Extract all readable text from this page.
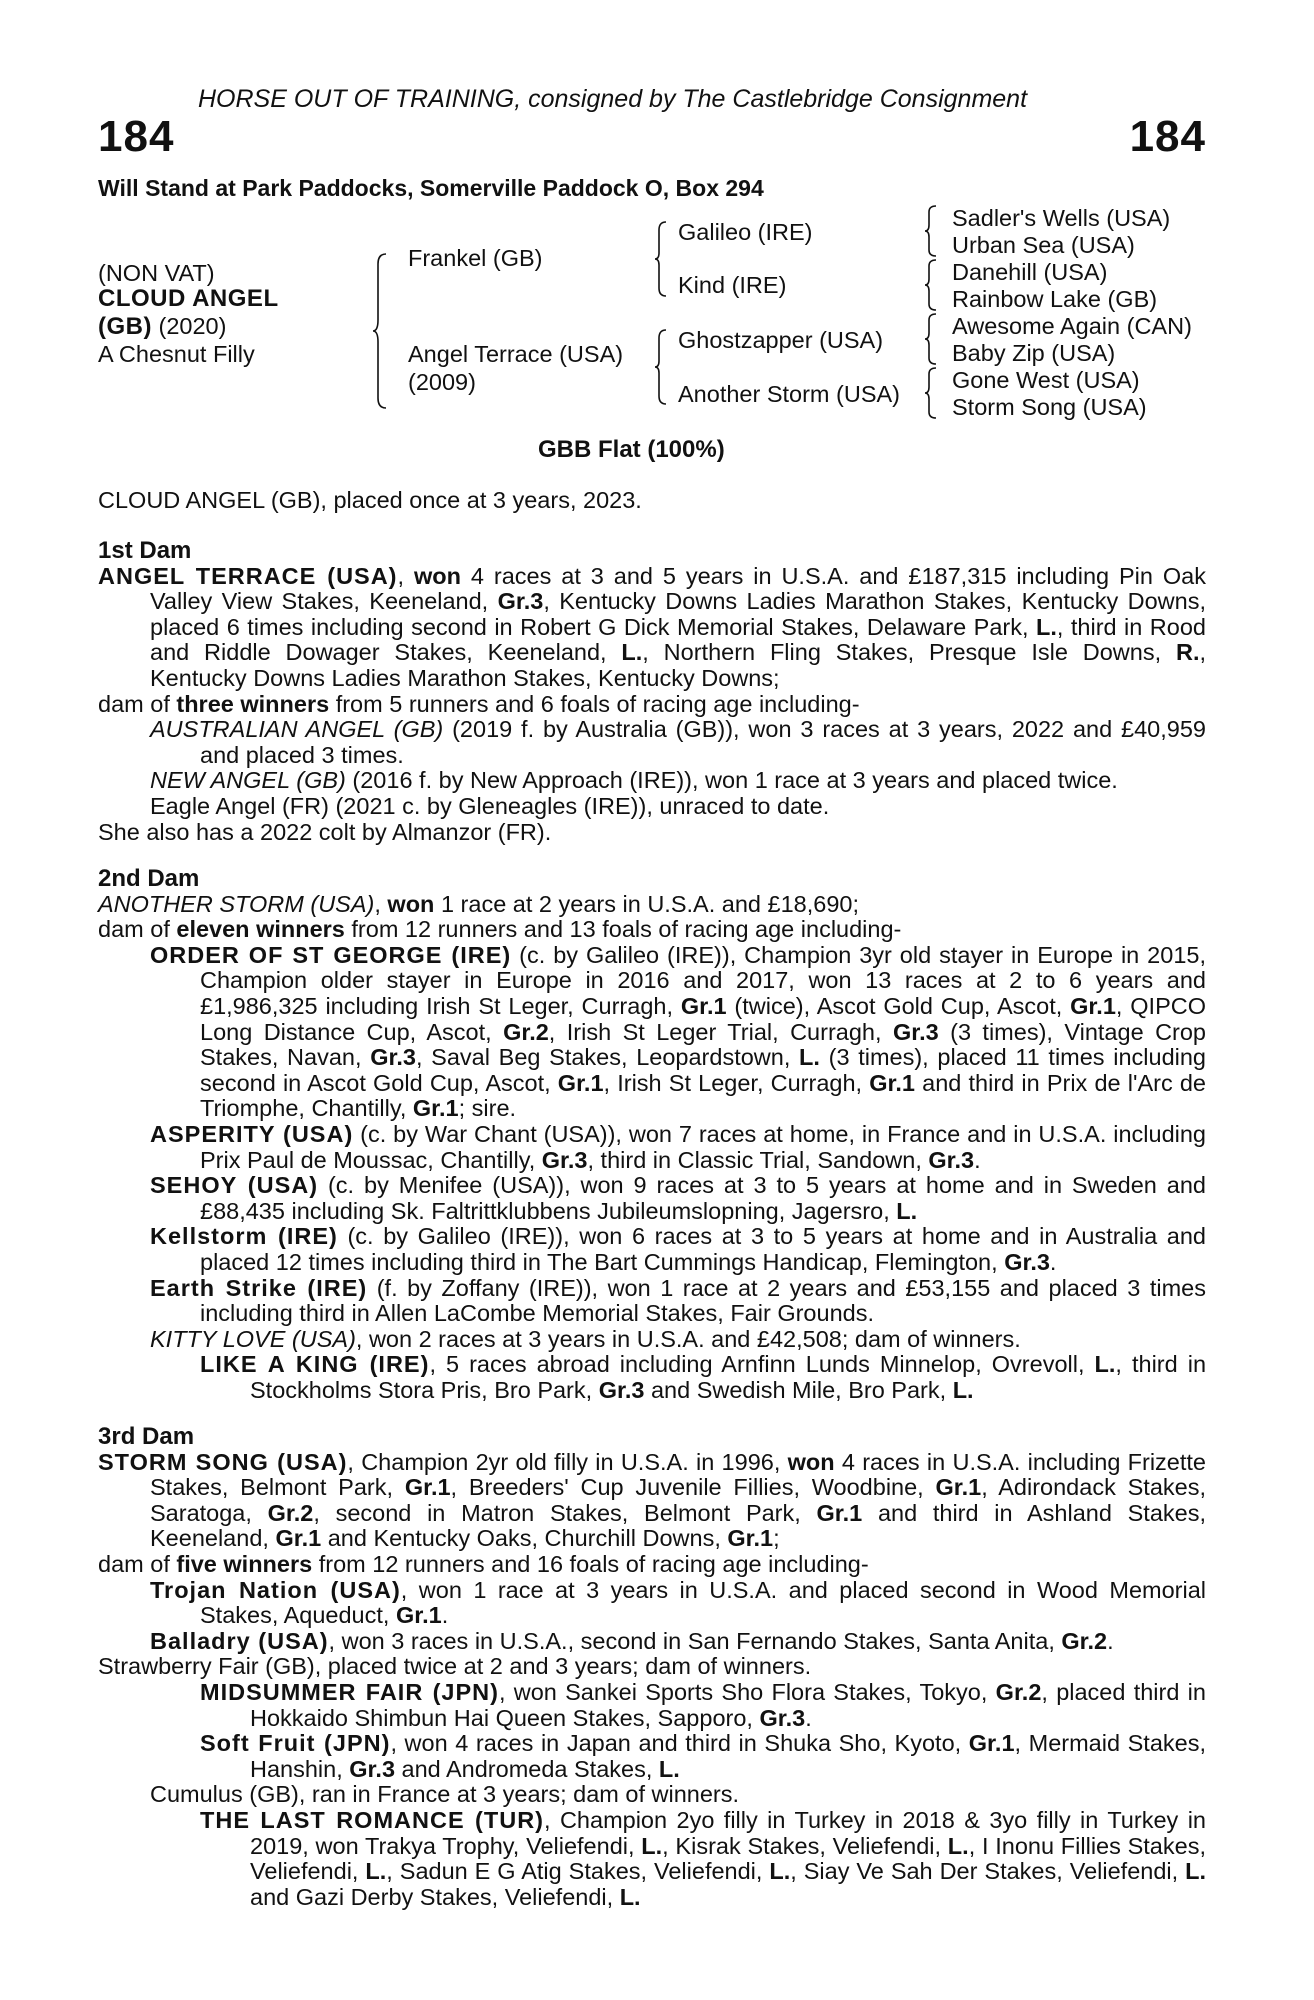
HORSE OUT OF TRAINING, consigned by The Castlebridge Consignment
184	184
Will Stand at Park Paddocks, Somerville Paddock O, Box 294
(NON VAT)
CLOUD ANGEL
(GB) (2020)
A Chesnut Filly
Frankel (GB)
Angel Terrace (USA)
(2009)
Galileo (IRE)
Kind (IRE)
Ghostzapper (USA)
Another Storm (USA)
Sadler's Wells (USA)
Urban Sea (USA)
Danehill (USA)
Rainbow Lake (GB)
Awesome Again (CAN)
Baby Zip (USA)
Gone West (USA)
Storm Song (USA)
GBB Flat (100%)
CLOUD ANGEL (GB), placed once at 3 years, 2023.
1st Dam
ANGEL TERRACE (USA), won 4 races at 3 and 5 years in U.S.A. and £187,315 including Pin Oak Valley View Stakes, Keeneland, Gr.3, Kentucky Downs Ladies Marathon Stakes, Kentucky Downs, placed 6 times including second in Robert G Dick Memorial Stakes, Delaware Park, L., third in Rood and Riddle Dowager Stakes, Keeneland, L., Northern Fling Stakes, Presque Isle Downs, R., Kentucky Downs Ladies Marathon Stakes, Kentucky Downs;
dam of three winners from 5 runners and 6 foals of racing age including-
AUSTRALIAN ANGEL (GB) (2019 f. by Australia (GB)), won 3 races at 3 years, 2022 and £40,959 and placed 3 times.
NEW ANGEL (GB) (2016 f. by New Approach (IRE)), won 1 race at 3 years and placed twice.
Eagle Angel (FR) (2021 c. by Gleneagles (IRE)), unraced to date.
She also has a 2022 colt by Almanzor (FR).
2nd Dam
ANOTHER STORM (USA), won 1 race at 2 years in U.S.A. and £18,690;
dam of eleven winners from 12 runners and 13 foals of racing age including-
ORDER OF ST GEORGE (IRE) (c. by Galileo (IRE)), Champion 3yr old stayer in Europe in 2015, Champion older stayer in Europe in 2016 and 2017, won 13 races at 2 to 6 years and £1,986,325 including Irish St Leger, Curragh, Gr.1 (twice), Ascot Gold Cup, Ascot, Gr.1, QIPCO Long Distance Cup, Ascot, Gr.2, Irish St Leger Trial, Curragh, Gr.3 (3 times), Vintage Crop Stakes, Navan, Gr.3, Saval Beg Stakes, Leopardstown, L. (3 times), placed 11 times including second in Ascot Gold Cup, Ascot, Gr.1, Irish St Leger, Curragh, Gr.1 and third in Prix de l'Arc de Triomphe, Chantilly, Gr.1; sire.
ASPERITY (USA) (c. by War Chant (USA)), won 7 races at home, in France and in U.S.A. including Prix Paul de Moussac, Chantilly, Gr.3, third in Classic Trial, Sandown, Gr.3.
SEHOY (USA) (c. by Menifee (USA)), won 9 races at 3 to 5 years at home and in Sweden and £88,435 including Sk. Faltrittklubbens Jubileumslopning, Jagersro, L.
Kellstorm (IRE) (c. by Galileo (IRE)), won 6 races at 3 to 5 years at home and in Australia and placed 12 times including third in The Bart Cummings Handicap, Flemington, Gr.3.
Earth Strike (IRE) (f. by Zoffany (IRE)), won 1 race at 2 years and £53,155 and placed 3 times including third in Allen LaCombe Memorial Stakes, Fair Grounds.
KITTY LOVE (USA), won 2 races at 3 years in U.S.A. and £42,508; dam of winners.
LIKE A KING (IRE), 5 races abroad including Arnfinn Lunds Minnelop, Ovrevoll, L., third in Stockholms Stora Pris, Bro Park, Gr.3 and Swedish Mile, Bro Park, L.
3rd Dam
STORM SONG (USA), Champion 2yr old filly in U.S.A. in 1996, won 4 races in U.S.A. including Frizette Stakes, Belmont Park, Gr.1, Breeders' Cup Juvenile Fillies, Woodbine, Gr.1, Adirondack Stakes, Saratoga, Gr.2, second in Matron Stakes, Belmont Park, Gr.1 and third in Ashland Stakes, Keeneland, Gr.1 and Kentucky Oaks, Churchill Downs, Gr.1;
dam of five winners from 12 runners and 16 foals of racing age including-
Trojan Nation (USA), won 1 race at 3 years in U.S.A. and placed second in Wood Memorial Stakes, Aqueduct, Gr.1.
Balladry (USA), won 3 races in U.S.A., second in San Fernando Stakes, Santa Anita, Gr.2.
Strawberry Fair (GB), placed twice at 2 and 3 years; dam of winners.
MIDSUMMER FAIR (JPN), won Sankei Sports Sho Flora Stakes, Tokyo, Gr.2, placed third in Hokkaido Shimbun Hai Queen Stakes, Sapporo, Gr.3.
Soft Fruit (JPN), won 4 races in Japan and third in Shuka Sho, Kyoto, Gr.1, Mermaid Stakes, Hanshin, Gr.3 and Andromeda Stakes, L.
Cumulus (GB), ran in France at 3 years; dam of winners.
THE LAST ROMANCE (TUR), Champion 2yo filly in Turkey in 2018 & 3yo filly in Turkey in 2019, won Trakya Trophy, Veliefendi, L., Kisrak Stakes, Veliefendi, L., I Inonu Fillies Stakes, Veliefendi, L., Sadun E G Atig Stakes, Veliefendi, L., Siay Ve Sah Der Stakes, Veliefendi, L. and Gazi Derby Stakes, Veliefendi, L.
